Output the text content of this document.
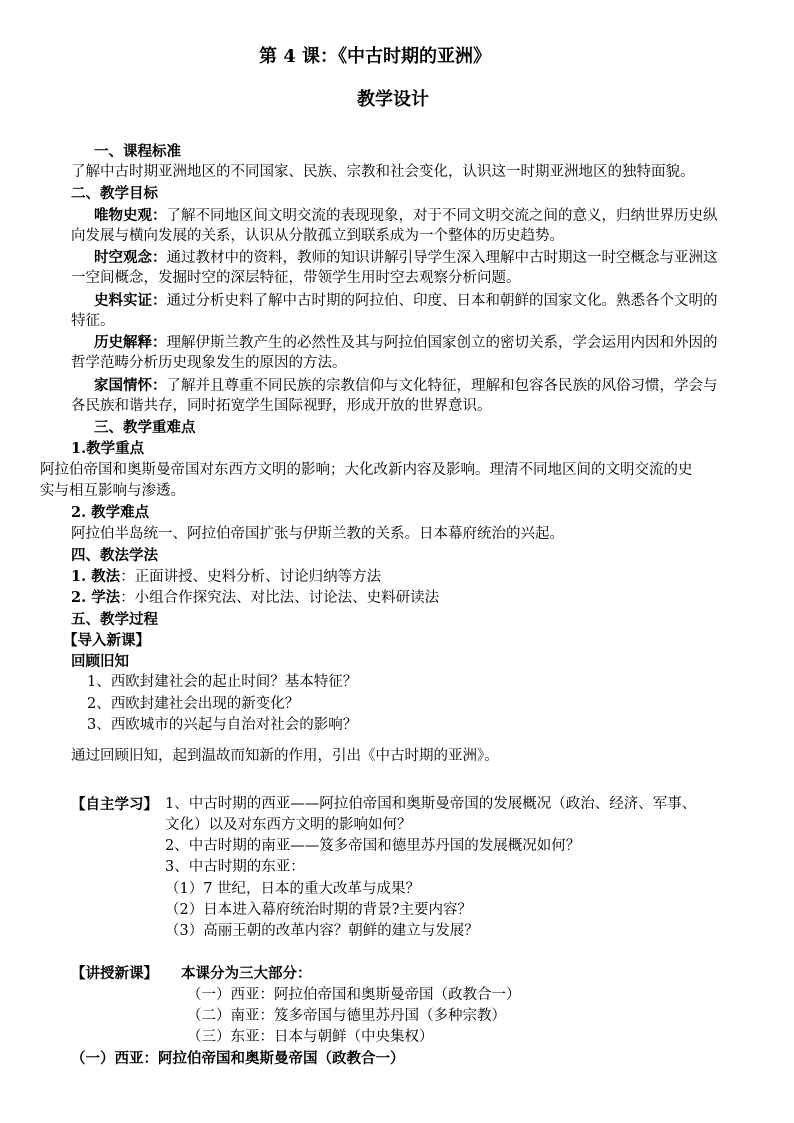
第 4 课：《中古时期的亚洲》
教学设计
一、课程标准
了解中古时期亚洲地区的不同国家、民族、宗教和社会变化，认识这一时期亚洲地区的独特面貌。
二、教学目标
唯物史观：了解不同地区间文明交流的表现现象，对于不同文明交流之间的意义，归纳世界历史纵
向发展与横向发展的关系，认识从分散孤立到联系成为一个整体的历史趋势。
时空观念：通过教材中的资料，教师的知识讲解引导学生深入理解中古时期这一时空概念与亚洲这
一空间概念，发掘时空的深层特征，带领学生用时空去观察分析问题。
史料实证：通过分析史料了解中古时期的阿拉伯、印度、日本和朝鲜的国家文化。熟悉各个文明的
特征。
历史解释：理解伊斯兰教产生的必然性及其与阿拉伯国家创立的密切关系，学会运用内因和外因的
哲学范畴分析历史现象发生的原因的方法。
家国情怀：了解并且尊重不同民族的宗教信仰与文化特征，理解和包容各民族的风俗习惯，学会与
各民族和谐共存，同时拓宽学生国际视野，形成开放的世界意识。
三、教学重难点
1.教学重点
阿拉伯帝国和奥斯曼帝国对东西方文明的影响；大化改新内容及影响。理清不同地区间的文明交流的史
实与相互影响与渗透。
2. 教学难点
阿拉伯半岛统一、阿拉伯帝国扩张与伊斯兰教的关系。日本幕府统治的兴起。
四、教法学法
1. 教法：正面讲授、史料分析、讨论归纳等方法
2. 学法：小组合作探究法、对比法、讨论法、史料研读法
五、教学过程
【导入新课】
回顾旧知
1、西欧封建社会的起止时间？基本特征？
2、西欧封建社会出现的新变化？
3、西欧城市的兴起与自治对社会的影响？
通过回顾旧知，起到温故而知新的作用，引出《中古时期的亚洲》。
【自主学习】 1、中古时期的西亚——阿拉伯帝国和奥斯曼帝国的发展概况（政治、经济、军事、
文化）以及对东西方文明的影响如何？
2、中古时期的南亚——笈多帝国和德里苏丹国的发展概况如何？
3、中古时期的东亚：
（1）7 世纪，日本的重大改革与成果？
（2）日本进入幕府统治时期的背景?主要内容？
（3）高丽王朝的改革内容？朝鲜的建立与发展？
【讲授新课】 本课分为三大部分：
（一）西亚：阿拉伯帝国和奥斯曼帝国（政教合一）
（二）南亚：笈多帝国与德里苏丹国（多种宗教）
（三）东亚：日本与朝鲜（中央集权）
（一）西亚：阿拉伯帝国和奥斯曼帝国（政教合一）
